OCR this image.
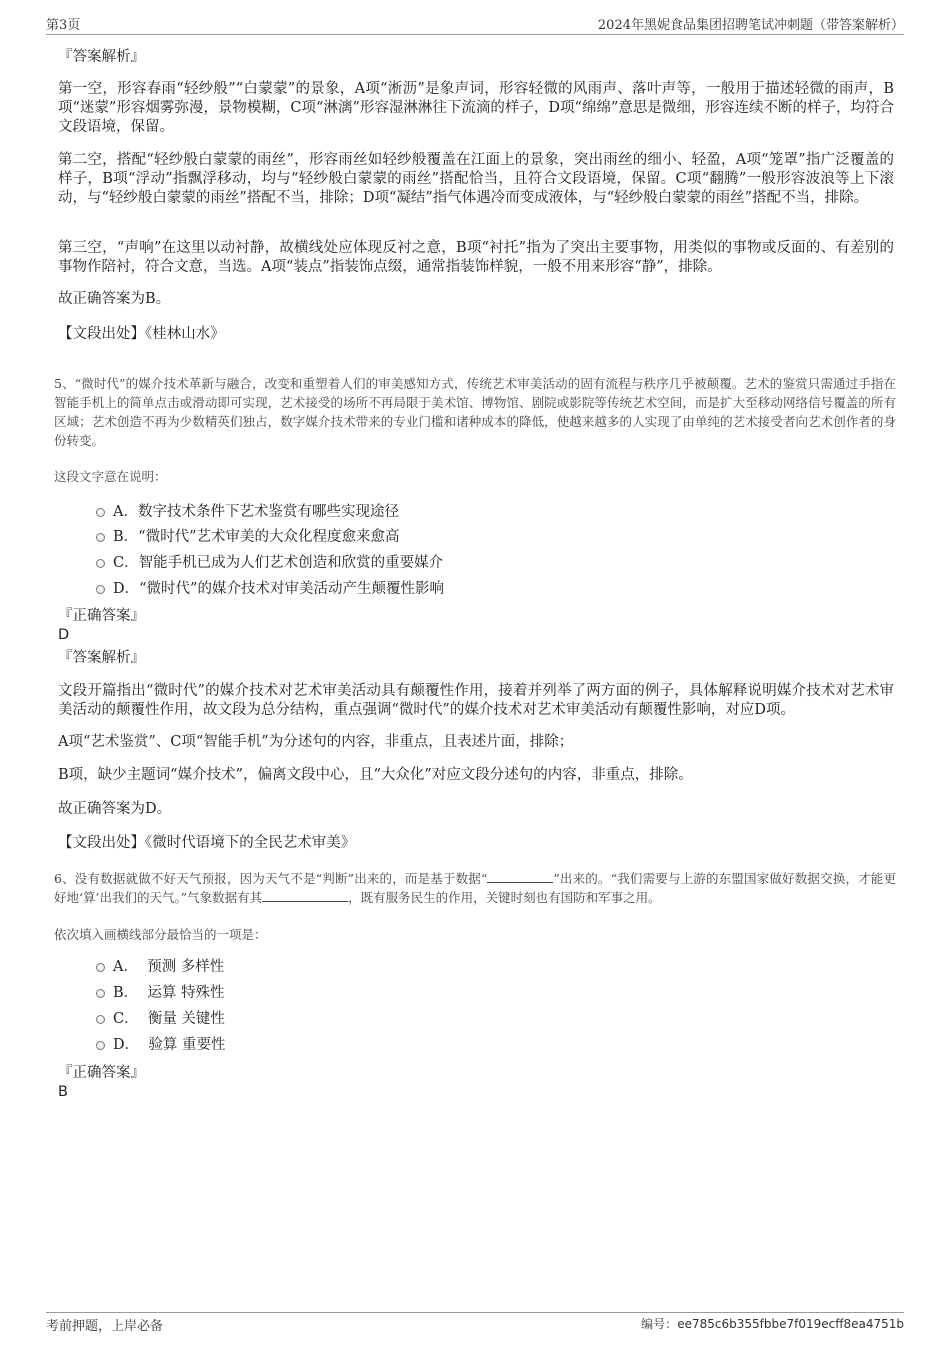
第3页	2024年黑妮食品集团招聘笔试冲刺题（带答案解析）
『答案解析』

第一空，形容春雨“轻纱般”“白蒙蒙”的景象，A项“淅沥”是象声词，形容轻微的风雨声、落叶声等，一般用于描述轻微的雨声，B项“迷蒙”形容烟雾弥漫，景物模糊，C项“淋漓”形容湿淋淋往下流滴的样子，D项“绵绵”意思是微细，形容连续不断的样子，均符合文段语境，保留。

第二空，搭配“轻纱般白蒙蒙的雨丝”，形容雨丝如轻纱般覆盖在江面上的景象，突出雨丝的细小、轻盈，A项“笼罩”指广泛覆盖的样子，B项“浮动”指飘浮移动，均与“轻纱般白蒙蒙的雨丝”搭配恰当，且符合文段语境，保留。C项“翻腾”一般形容波浪等上下滚动，与“轻纱般白蒙蒙的雨丝”搭配不当，排除；D项“凝结”指气体遇冷而变成液体，与“轻纱般白蒙蒙的雨丝”搭配不当，排除。

第三空，“声响”在这里以动衬静，故横线处应体现反衬之意，B项“衬托”指为了突出主要事物，用类似的事物或反面的、有差别的事物作陪衬，符合文意，当选。A项“装点”指装饰点缀，通常指装饰样貌，一般不用来形容“静”，排除。

故正确答案为B。
【文段出处】《桂林山水》

5、“微时代”的媒介技术革新与融合，改变和重塑着人们的审美感知方式，传统艺术审美活动的固有流程与秩序几乎被颠覆。艺术的鉴赏只需通过手指在智能手机上的简单点击或滑动即可实现，艺术接受的场所不再局限于美术馆、博物馆、剧院或影院等传统艺术空间，而是扩大至移动网络信号覆盖的所有区域；艺术创造不再为少数精英们独占，数字媒介技术带来的专业门槛和诸种成本的降低，使越来越多的人实现了由单纯的艺术接受者向艺术创作者的身份转变。

这段文字意在说明：
A．数字技术条件下艺术鉴赏有哪些实现途径
B．“微时代”艺术审美的大众化程度愈来愈高
C．智能手机已成为人们艺术创造和欣赏的重要媒介
D．“微时代”的媒介技术对审美活动产生颠覆性影响
『正确答案』
D
『答案解析』

文段开篇指出“微时代”的媒介技术对艺术审美活动具有颠覆性作用，接着并列举了两方面的例子，具体解释说明媒介技术对艺术审美活动的颠覆性作用，故文段为总分结构，重点强调“微时代”的媒介技术对艺术审美活动有颠覆性影响，对应D项。

A项“艺术鉴赏”、C项“智能手机”为分述句的内容，非重点，且表述片面，排除；

B项，缺少主题词“媒介技术”，偏离文段中心，且“大众化”对应文段分述句的内容，非重点，排除。

故正确答案为D。
【文段出处】《微时代语境下的全民艺术审美》

6、没有数据就做不好天气预报，因为天气不是“判断”出来的，而是基于数据“	”出来的。“我们需要与上游的东盟国家做好数据交换，才能更好地‘算’出我们的天气。”气象数据有其	，既有服务民生的作用，关键时刻也有国防和军事之用。

依次填入画横线部分最恰当的一项是：
A．  预测 多样性
B．  运算 特殊性
C．  衡量 关键性
D．  验算 重要性
『正确答案』
B
考前押题，上岸必备	编号：ee785c6b355fbbe7f019ecff8ea4751b
